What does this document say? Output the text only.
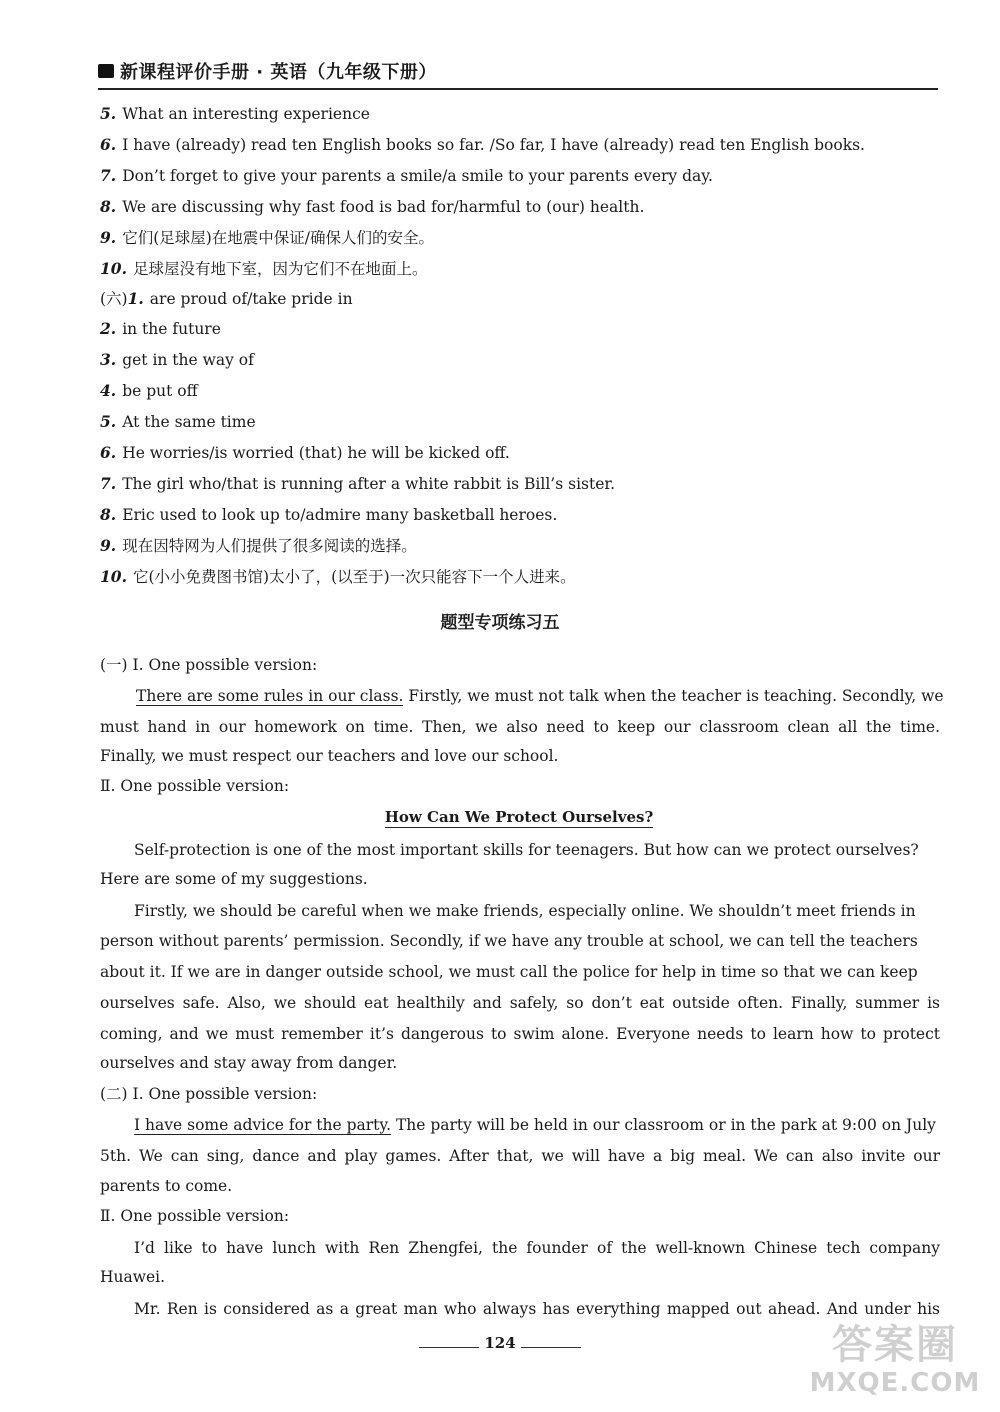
新课程评价手册 · 英语（九年级下册）
5. What an interesting experience
6. I have (already) read ten English books so far. /So far, I have (already) read ten English books.
7. Don’t forget to give your parents a smile/a smile to your parents every day.
8. We are discussing why fast food is bad for/harmful to (our) health.
9. 它们(足球屋)在地震中保证/确保人们的安全。
10. 足球屋没有地下室，因为它们不在地面上。
(六)1. are proud of/take pride in
2. in the future
3. get in the way of
4. be put off
5. At the same time
6. He worries/is worried (that) he will be kicked off.
7. The girl who/that is running after a white rabbit is Bill’s sister.
8. Eric used to look up to/admire many basketball heroes.
9. 现在因特网为人们提供了很多阅读的选择。
10. 它(小小免费图书馆)太小了，(以至于)一次只能容下一个人进来。
题型专项练习五
(一) Ⅰ. One possible version:
There are some rules in our class. Firstly, we must not talk when the teacher is teaching. Secondly, we
must hand in our homework on time. Then, we also need to keep our classroom clean all the time.
Finally, we must respect our teachers and love our school.
Ⅱ. One possible version:
How Can We Protect Ourselves?
Self-protection is one of the most important skills for teenagers. But how can we protect ourselves?
Here are some of my suggestions.
Firstly, we should be careful when we make friends, especially online. We shouldn’t meet friends in
person without parents’ permission. Secondly, if we have any trouble at school, we can tell the teachers
about it. If we are in danger outside school, we must call the police for help in time so that we can keep
ourselves safe. Also, we should eat healthily and safely, so don’t eat outside often. Finally, summer is
coming, and we must remember it’s dangerous to swim alone. Everyone needs to learn how to protect
ourselves and stay away from danger.
(二) Ⅰ. One possible version:
I have some advice for the party. The party will be held in our classroom or in the park at 9:00 on July
5th. We can sing, dance and play games. After that, we will have a big meal. We can also invite our
parents to come.
Ⅱ. One possible version:
I’d like to have lunch with Ren Zhengfei, the founder of the well-known Chinese tech company
Huawei.
Mr. Ren is considered as a great man who always has everything mapped out ahead. And under his
124	答案圈
MXQE.COM
